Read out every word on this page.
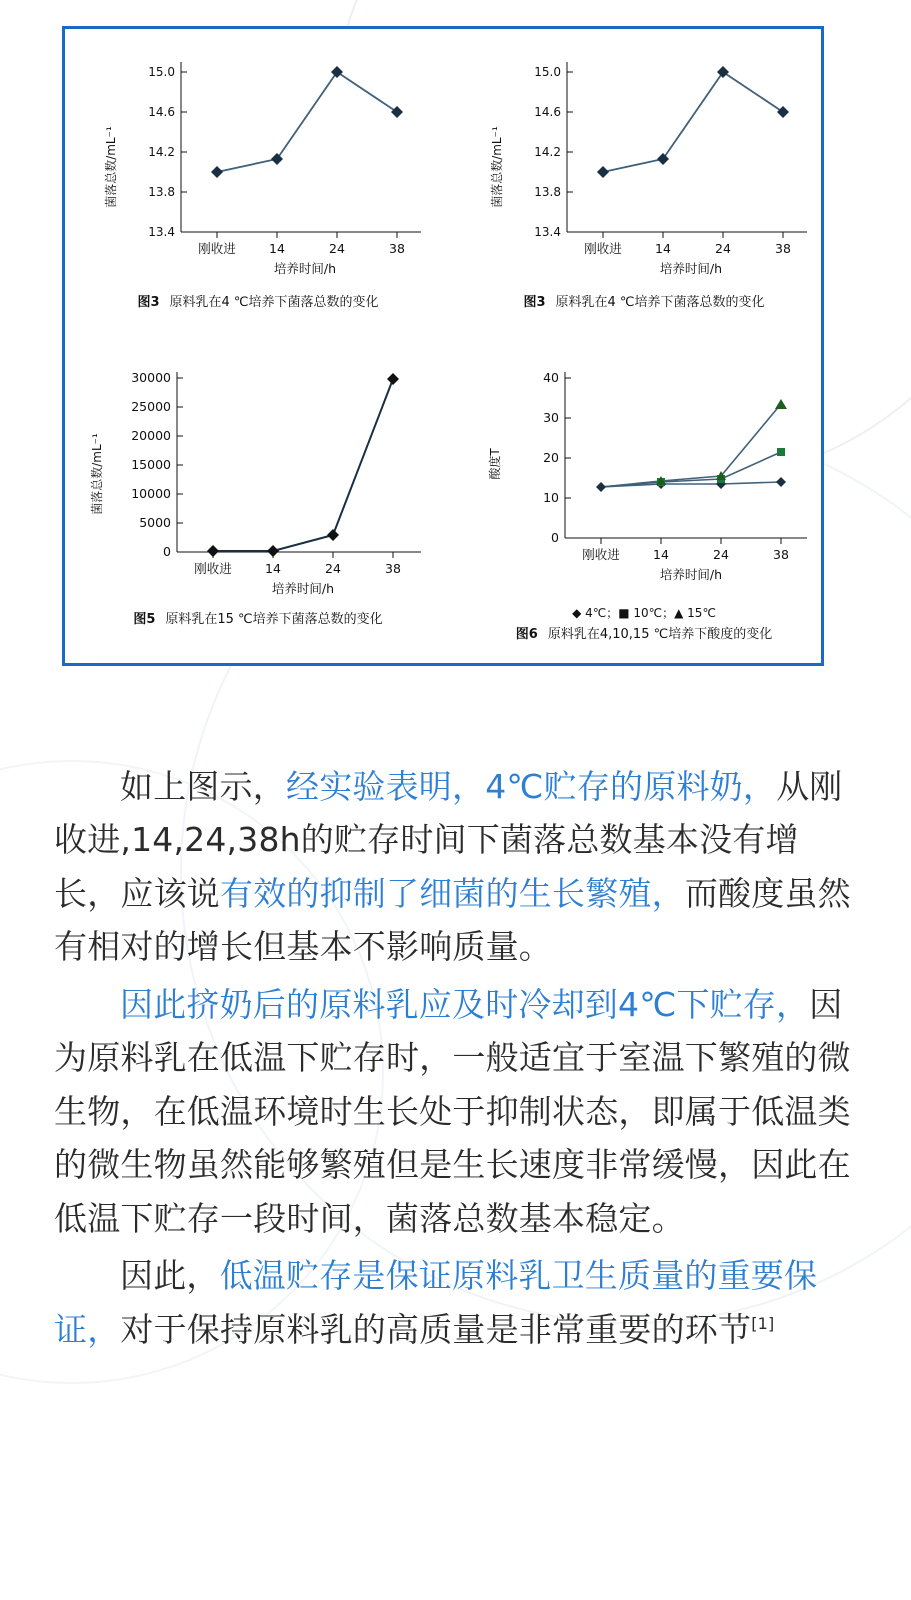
菌落总数/mL⁻¹
15.0
14.6
14.2
13.8
13.4
刚收进	14	24	38
培养时间/h
图3 原料乳在4 ℃培养下菌落总数的变化
菌落总数/mL⁻¹
15.0
14.6
14.2
13.8
13.4
刚收进	14	24	38
培养时间/h
图3 原料乳在4 ℃培养下菌落总数的变化
菌落总数/mL⁻¹
30000
25000
20000
15000
10000
5000
0
刚收进	14	24	38
培养时间/h
图5 原料乳在15 ℃培养下菌落总数的变化
酸度T
40
30
20
10
0
刚收进	14	24	38
培养时间/h
◆ 4℃；■ 10℃；▲ 15℃
图6 原料乳在4,10,15 ℃培养下酸度的变化

如上图示，经实验表明，4℃贮存的原料奶，从刚收进,14,24,38h的贮存时间下菌落总数基本没有增长，应该说有效的抑制了细菌的生长繁殖，而酸度虽然有相对的增长但基本不影响质量。

因此挤奶后的原料乳应及时冷却到4℃下贮存，因为原料乳在低温下贮存时，一般适宜于室温下繁殖的微生物，在低温环境时生长处于抑制状态，即属于低温类的微生物虽然能够繁殖但是生长速度非常缓慢，因此在低温下贮存一段时间，菌落总数基本稳定。

因此，低温贮存是保证原料乳卫生质量的重要保证，对于保持原料乳的高质量是非常重要的环节[1]
